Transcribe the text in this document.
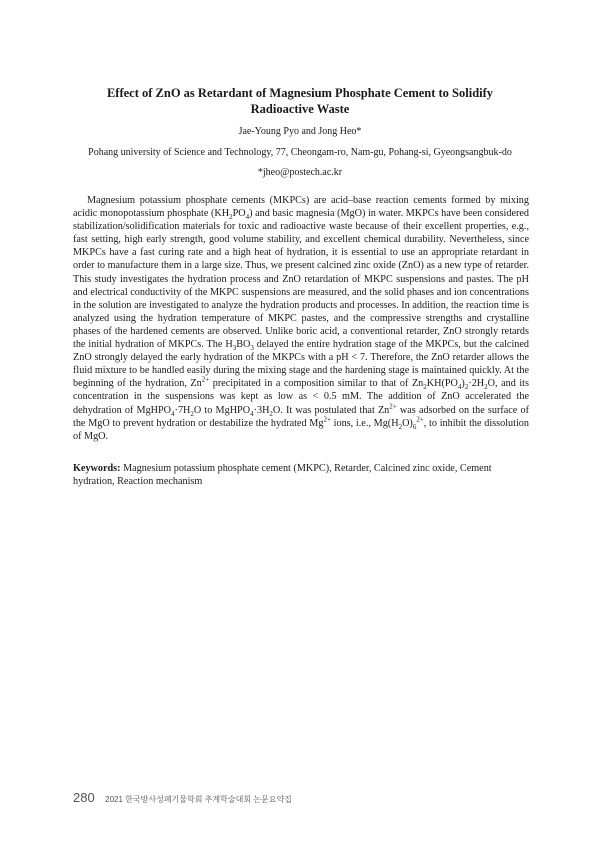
Effect of ZnO as Retardant of Magnesium Phosphate Cement to Solidify
Radioactive Waste
Jae-Young Pyo and Jong Heo*
Pohang university of Science and Technology, 77, Cheongam-ro, Nam-gu, Pohang-si, Gyeongsangbuk-do
*jheo@postech.ac.kr

Magnesium potassium phosphate cements (MKPCs) are acid–base reaction cements formed by mixing acidic monopotassium phosphate $(KH_2PO_4)$ and basic magnesia (MgO) in water. MKPCs have been considered stabilization/solidification materials for toxic and radioactive waste because of their excellent properties, e.g., fast setting, high early strength, good volume stability, and excellent chemical durability. Nevertheless, since MKPCs have a fast curing rate and a high heat of hydration, it is essential to use an appropriate retardant in order to manufacture them in a large size. Thus, we present calcined zinc oxide (ZnO) as a new type of retarder. This study investigates the hydration process and ZnO retardation of MKPC suspensions and pastes. The pH and electrical conductivity of the MKPC suspensions are measured, and the solid phases and ion concentrations in the solution are investigated to analyze the hydration products and processes. In addition, the reaction time is analyzed using the hydration temperature of MKPC pastes, and the compressive strengths and crystalline phases of the hardened cements are observed. Unlike boric acid, a conventional retarder, ZnO strongly retards the initial hydration of MKPCs. The $H_3BO_3$ delayed the entire hydration stage of the MKPCs, but the calcined ZnO strongly delayed the early hydration of the MKPCs with a pH < 7. Therefore, the ZnO retarder allows the fluid mixture to be handled easily during the mixing stage and the hardening stage is maintained quickly. At the beginning of the hydration, $Zn^{2+}$ precipitated in a composition similar to that of $Zn_2KH(PO_4)_2\cdot 2H_2O$, and its concentration in the suspensions was kept as low as < 0.5 mM. The addition of ZnO accelerated the dehydration of $MgHPO_4\cdot 7H_2O$ to $MgHPO_4\cdot 3H_2O$. It was postulated that $Zn^{2+}$ was adsorbed on the surface of the MgO to prevent hydration or destabilize the hydrated $Mg^{2+}$ ions, i.e., $Mg(H_2O)_6^{2+}$, to inhibit the dissolution of MgO.

Keywords: Magnesium potassium phosphate cement (MKPC), Retarder, Calcined zinc oxide, Cement hydration, Reaction mechanism

280 2021 한국방사성폐기물학회 추계학술대회 논문요약집
